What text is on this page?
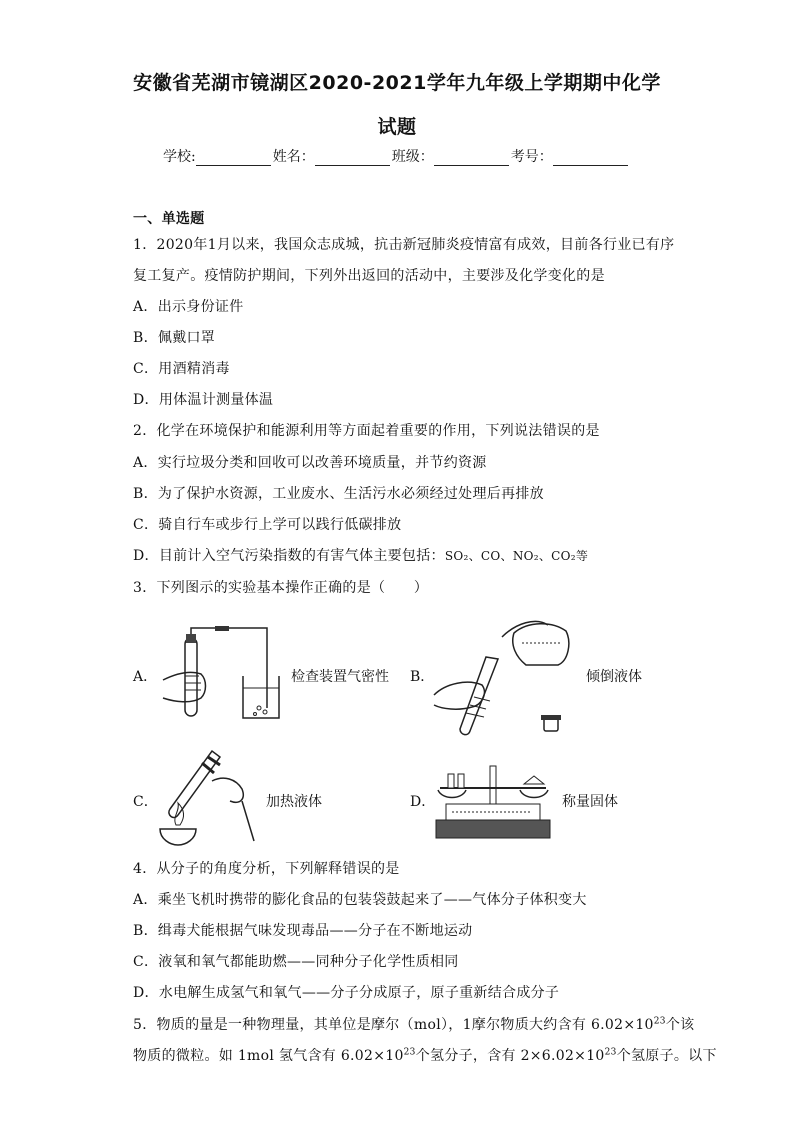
安徽省芜湖市镜湖区2020-2021学年九年级上学期期中化学
试题
学校:	姓名：	班级：	考号：
一、单选题
1．2020年1月以来，我国众志成城，抗击新冠肺炎疫情富有成效，目前各行业已有序
复工复产。疫情防护期间，下列外出返回的活动中，主要涉及化学变化的是
A．出示身份证件
B．佩戴口罩
C．用酒精消毒
D．用体温计测量体温
2．化学在环境保护和能源利用等方面起着重要的作用，下列说法错误的是
A．实行垃圾分类和回收可以改善环境质量，并节约资源
B．为了保护水资源，工业废水、生活污水必须经过处理后再排放
C．骑自行车或步行上学可以践行低碳排放
D．目前计入空气污染指数的有害气体主要包括：SO₂、CO、NO₂、CO₂等
3．下列图示的实验基本操作正确的是（　　）
A．	检查装置气密性 B．	倾倒液体
C．	加热液体	D．	称量固体
4．从分子的角度分析，下列解释错误的是
A．乘坐飞机时携带的膨化食品的包装袋鼓起来了——气体分子体积变大
B．缉毒犬能根据气味发现毒品——分子在不断地运动
C．液氧和氧气都能助燃——同种分子化学性质相同
D．水电解生成氢气和氧气——分子分成原子，原子重新结合成分子
5．物质的量是一种物理量，其单位是摩尔（mol），1摩尔物质大约含有 $6.02\times 10^{23}$个该
物质的微粒。如 1mol 氢气含有 $6.02\times 10^{23}$个氢分子，含有 $2\times 6.02\times 10^{23}$个氢原子。以下
